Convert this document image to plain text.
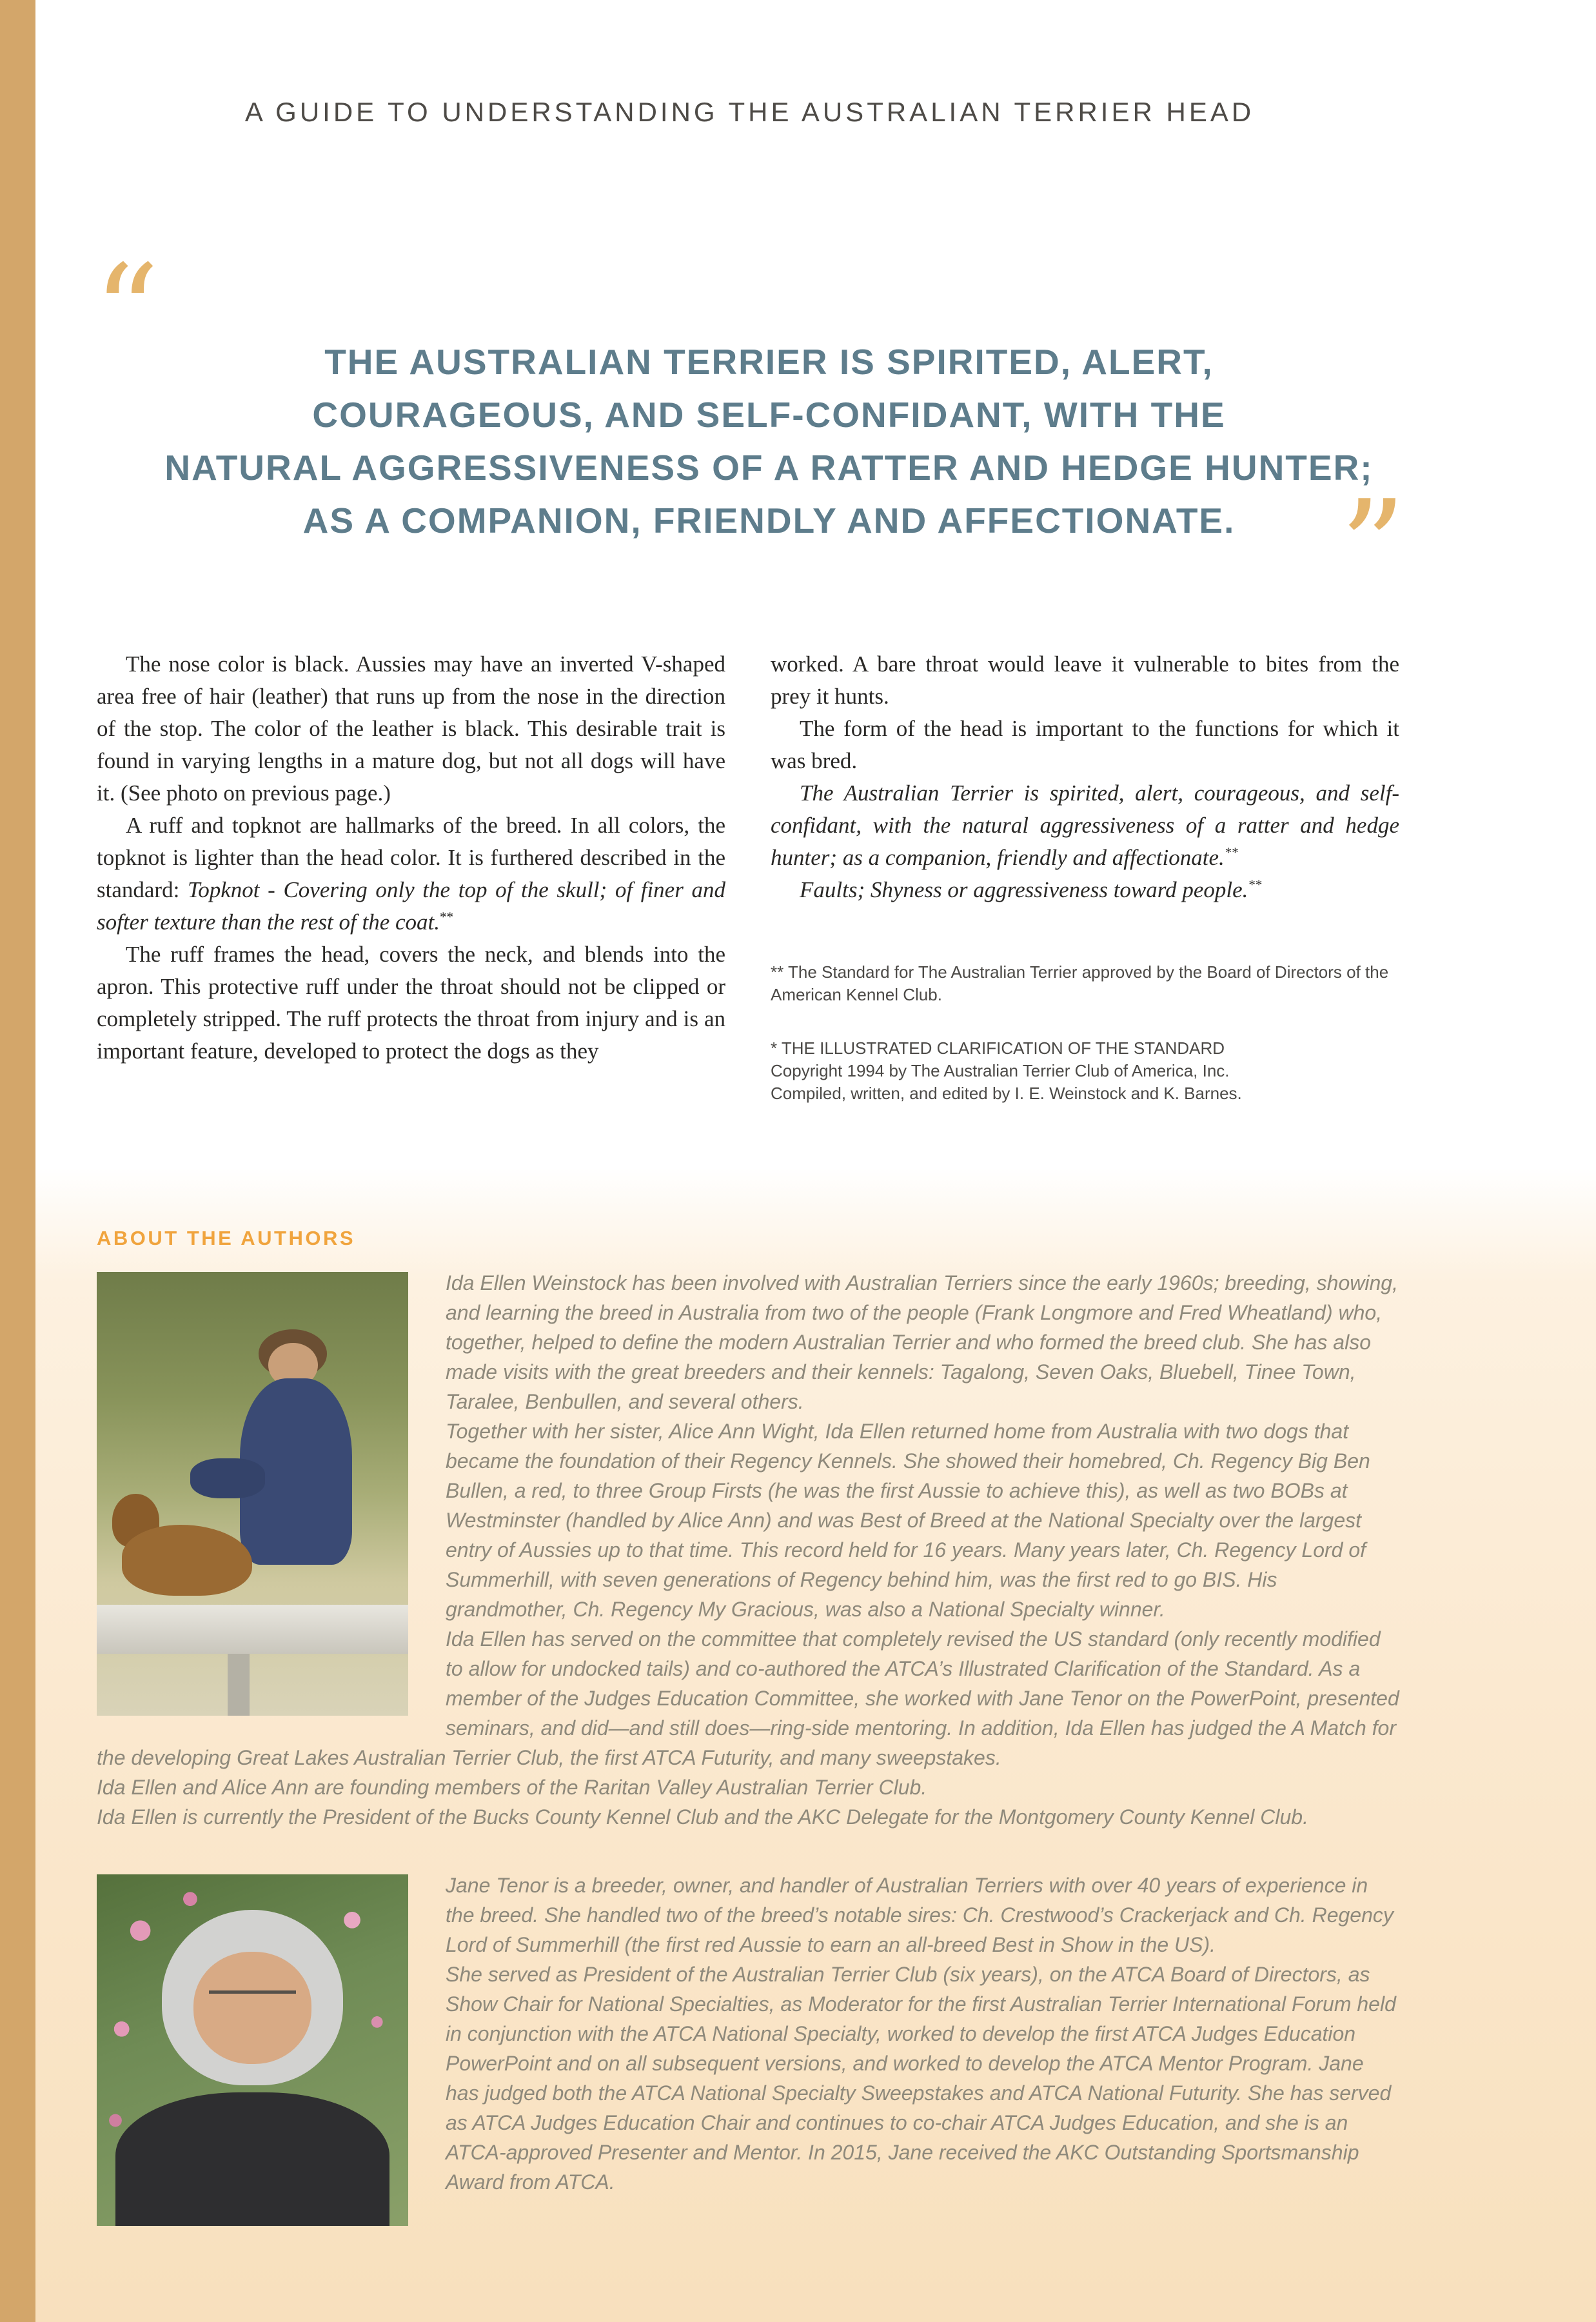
A GUIDE TO UNDERSTANDING THE AUSTRALIAN TERRIER HEAD
“	THE AUSTRALIAN TERRIER IS SPIRITED, ALERT,
COURAGEOUS, AND SELF-CONFIDANT, WITH THE
NATURAL AGGRESSIVENESS OF A RATTER AND HEDGE HUNTER;
AS A COMPANION, FRIENDLY AND AFFECTIONATE. ”

The nose color is black. Aussies may have an inverted V-shaped area free of hair (leather) that runs up from the nose in the direction of the stop. The color of the leather is black. This desirable trait is found in varying lengths in a mature dog, but not all dogs will have it. (See photo on previous page.)

A ruff and topknot are hallmarks of the breed. In all colors, the topknot is lighter than the head color. It is furthered described in the standard: Topknot - Covering only the top of the skull; of finer and softer texture than the rest of the coat.**

The ruff frames the head, covers the neck, and blends into the apron. This protective ruff under the throat should not be clipped or completely stripped. The ruff protects the throat from injury and is an important feature, developed to protect the dogs as they

worked. A bare throat would leave it vulnerable to bites from the prey it hunts.

The form of the head is important to the functions for which it was bred.

The Australian Terrier is spirited, alert, courageous, and self-confidant, with the natural aggressiveness of a ratter and hedge hunter; as a companion, friendly and affectionate.**

Faults; Shyness or aggressiveness toward people.**

** The Standard for The Australian Terrier approved by the Board of Directors of the American Kennel Club.
* THE ILLUSTRATED CLARIFICATION OF THE STANDARD
Copyright 1994 by The Australian Terrier Club of America, Inc.
Compiled, written, and edited by I. E. Weinstock and K. Barnes.
ABOUT THE AUTHORS

Ida Ellen Weinstock has been involved with Australian Terriers since the early 1960s; breeding, showing, and learning the breed in Australia from two of the people (Frank Longmore and Fred Wheatland) who, together, helped to define the modern Australian Terrier and who formed the breed club. She has also made visits with the great breeders and their kennels: Tagalong, Seven Oaks, Bluebell, Tinee Town, Taralee, Benbullen, and several others.

Together with her sister, Alice Ann Wight, Ida Ellen returned home from Australia with two dogs that became the foundation of their Regency Kennels. She showed their homebred, Ch. Regency Big Ben Bullen, a red, to three Group Firsts (he was the first Aussie to achieve this), as well as two BOBs at Westminster (handled by Alice Ann) and was Best of Breed at the National Specialty over the largest entry of Aussies up to that time. This record held for 16 years. Many years later, Ch. Regency Lord of Summerhill, with seven generations of Regency behind him, was the first red to go BIS. His grandmother, Ch. Regency My Gracious, was also a National Specialty winner.

Ida Ellen has served on the committee that completely revised the US standard (only recently modified to allow for undocked tails) and co-authored the ATCA’s Illustrated Clarification of the Standard. As a member of the Judges Education Committee, she worked with Jane Tenor on the PowerPoint, presented seminars, and did—and still does—ring-side mentoring. In addition, Ida Ellen has judged the A Match for the developing Great Lakes Australian Terrier Club, the first ATCA Futurity, and many sweepstakes.

Ida Ellen and Alice Ann are founding members of the Raritan Valley Australian Terrier Club.

Ida Ellen is currently the President of the Bucks County Kennel Club and the AKC Delegate for the Montgomery County Kennel Club.

Jane Tenor is a breeder, owner, and handler of Australian Terriers with over 40 years of experience in the breed. She handled two of the breed’s notable sires: Ch. Crestwood’s Crackerjack and Ch. Regency Lord of Summerhill (the first red Aussie to earn an all-breed Best in Show in the US).

She served as President of the Australian Terrier Club (six years), on the ATCA Board of Directors, as Show Chair for National Specialties, as Moderator for the first Australian Terrier International Forum held in conjunction with the ATCA National Specialty, worked to develop the first ATCA Judges Education PowerPoint and on all subsequent versions, and worked to develop the ATCA Mentor Program. Jane has judged both the ATCA National Specialty Sweepstakes and ATCA National Futurity. She has served as ATCA Judges Education Chair and continues to co-chair ATCA Judges Education, and she is an ATCA-approved Presenter and Mentor. In 2015, Jane received the AKC Outstanding Sportsmanship Award from ATCA.
